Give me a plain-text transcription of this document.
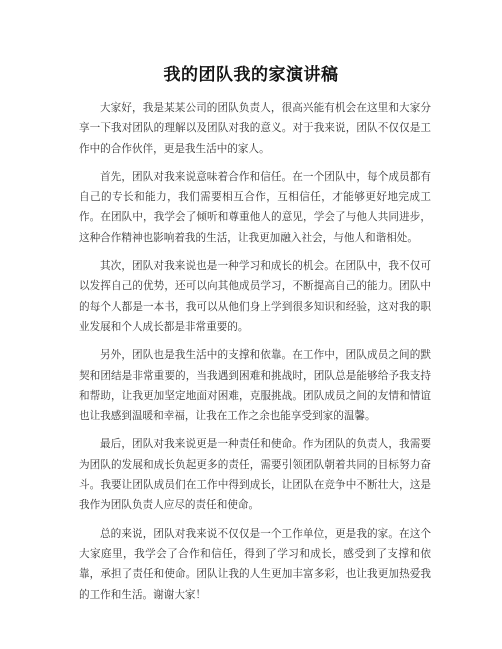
我的团队我的家演讲稿

大家好，我是某某公司的团队负责人，很高兴能有机会在这里和大家分享一下我对团队的理解以及团队对我的意义。对于我来说，团队不仅仅是工作中的合作伙伴，更是我生活中的家人。

首先，团队对我来说意味着合作和信任。在一个团队中，每个成员都有自己的专长和能力，我们需要相互合作，互相信任，才能够更好地完成工作。在团队中，我学会了倾听和尊重他人的意见，学会了与他人共同进步，这种合作精神也影响着我的生活，让我更加融入社会，与他人和谐相处。

其次，团队对我来说也是一种学习和成长的机会。在团队中，我不仅可以发挥自己的优势，还可以向其他成员学习，不断提高自己的能力。团队中的每个人都是一本书，我可以从他们身上学到很多知识和经验，这对我的职业发展和个人成长都是非常重要的。

另外，团队也是我生活中的支撑和依靠。在工作中，团队成员之间的默契和团结是非常重要的，当我遇到困难和挑战时，团队总是能够给予我支持和帮助，让我更加坚定地面对困难，克服挑战。团队成员之间的友情和情谊也让我感到温暖和幸福，让我在工作之余也能享受到家的温馨。

最后，团队对我来说更是一种责任和使命。作为团队的负责人，我需要为团队的发展和成长负起更多的责任，需要引领团队朝着共同的目标努力奋斗。我要让团队成员们在工作中得到成长，让团队在竞争中不断壮大，这是我作为团队负责人应尽的责任和使命。

总的来说，团队对我来说不仅仅是一个工作单位，更是我的家。在这个大家庭里，我学会了合作和信任，得到了学习和成长，感受到了支撑和依靠，承担了责任和使命。团队让我的人生更加丰富多彩，也让我更加热爱我的工作和生活。谢谢大家！
